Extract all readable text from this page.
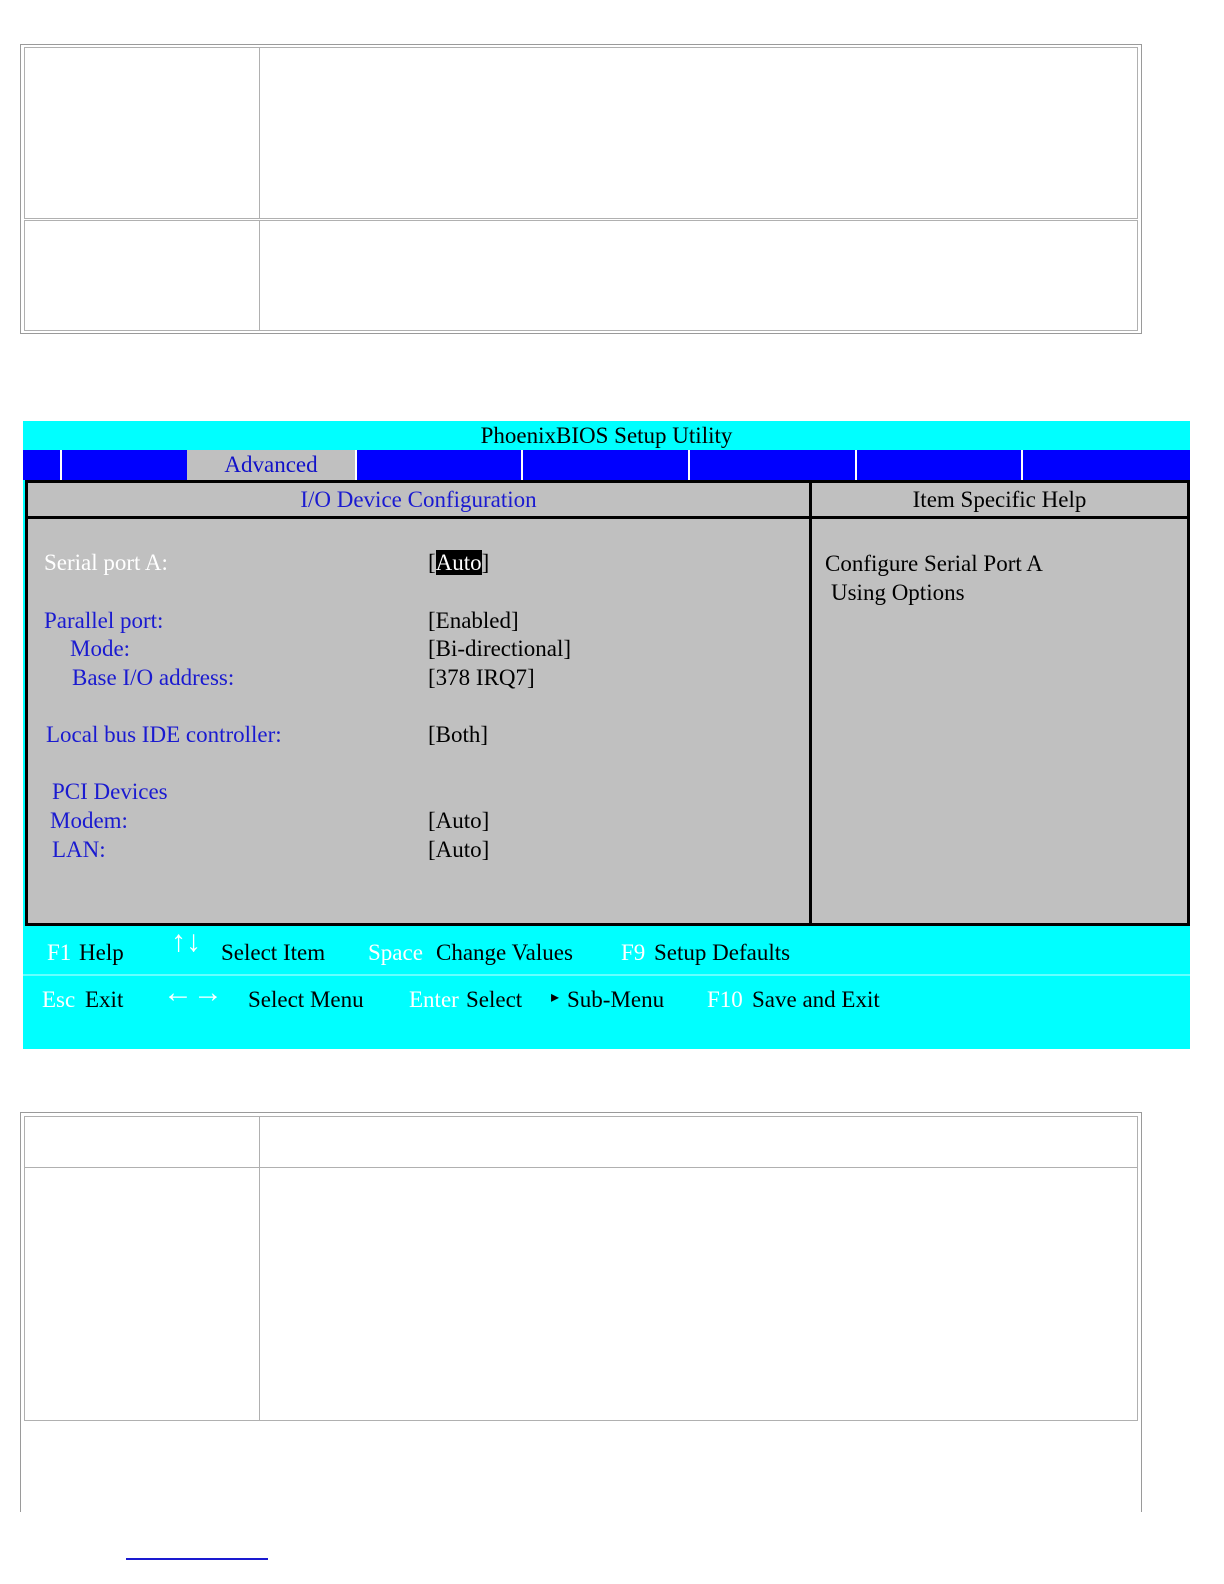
PhoenixBIOS Setup Utility
Advanced
I/O Device Configuration	Item Specific Help
Serial port A:	[Auto]
Parallel port:	[Enabled]
Mode:	[Bi-directional]
Base I/O address:	[378 IRQ7]
Local bus IDE controller:	[Both]
PCI Devices
Modem:	[Auto]
LAN:	[Auto]
Configure Serial Port A
Using Options
F1 Help ↑↓ Select Item Space Change Values F9 Setup Defaults
Esc Exit ←→ Select Menu Enter Select ▸ Sub-Menu F10 Save and Exit
